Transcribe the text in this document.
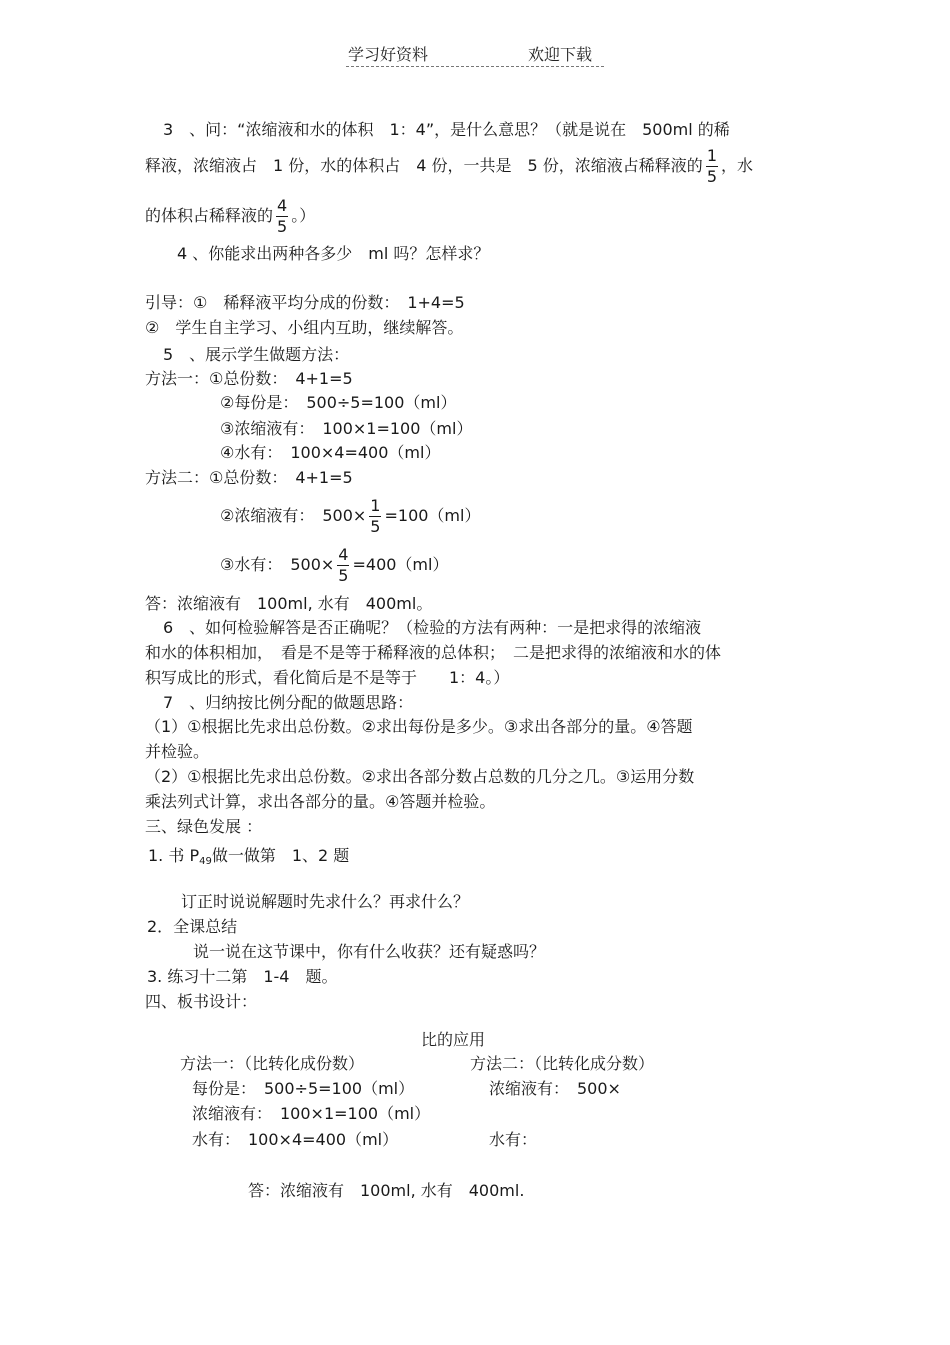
学习好资料	欢迎下载
3　、问：“浓缩液和水的体积　1：4”，是什么意思？（就是说在　500ml 的稀
释液，浓缩液占　1 份，水的体积占　4 份，一共是　5 份，浓缩液占稀释液的 $\frac{1}{5}$ ，水
的体积占稀释液的 $\frac{4}{5}$ 。）
4 、你能求出两种各多少　ml 吗？怎样求？
引导：①　稀释液平均分成的份数：　1+4=5
②　学生自主学习、小组内互助，继续解答。
5　、展示学生做题方法：
方法一：①总份数：　4+1=5
②每份是：　500÷5=100（ml）
③浓缩液有：　100×1=100（ml）
④水有：　100×4=400（ml）
方法二：①总份数：　4+1=5
②浓缩液有：　$500\times \frac{1}{5} =100(ml)$
③水有：　$500\times \frac{4}{5} =400(ml)$
答：浓缩液有　100ml, 水有　400ml。
6　、如何检验解答是否正确呢？（检验的方法有两种：一是把求得的浓缩液
和水的体积相加，　看是不是等于稀释液的总体积；　二是把求得的浓缩液和水的体
积写成比的形式，看化简后是不是等于　　1：4。）
7　、归纳按比例分配的做题思路：
（1）①根据比先求出总份数。②求出每份是多少。③求出各部分的量。④答题
并检验。
（2）①根据比先求出总份数。②求出各部分数占总数的几分之几。③运用分数
乘法列式计算，求出各部分的量。④答题并检验。
三、绿色发展 ：
1. 书 $P_{49}$做一做第　1、2 题
订正时说说解题时先求什么？再求什么？
2．全课总结
说一说在这节课中，你有什么收获？还有疑惑吗？
3. 练习十二第　1-4　题。
四、板书设计：
比的应用
方法一：（比转化成份数）
每份是：　500÷5=100（ml）
浓缩液有：　100×1=100（ml）
水有：　100×4=400（ml）
方法二：（比转化成分数）
浓缩液有：　500×
水有：
答：浓缩液有　100ml, 水有　400ml.
